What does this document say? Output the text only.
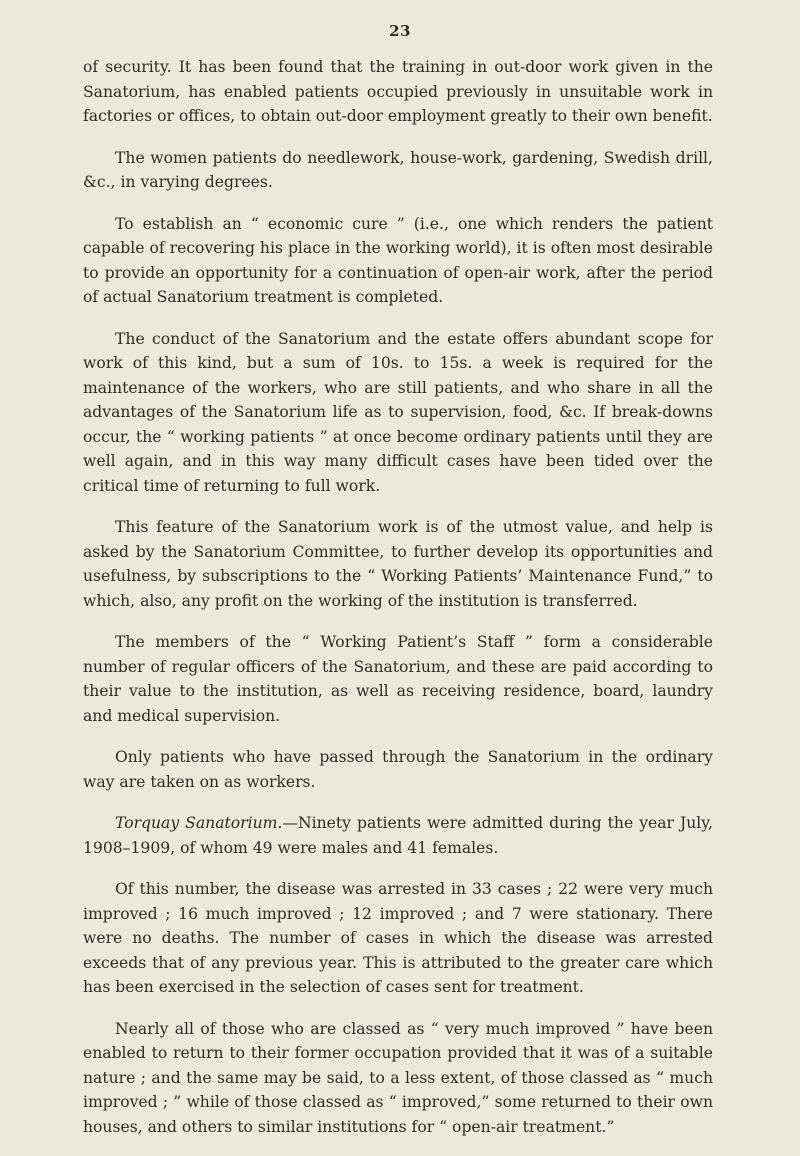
23

of security. It has been found that the training in out-door work given in the Sanatorium, has enabled patients occupied previously in unsuitable work in factories or offices, to obtain out-door employment greatly to their own benefit.

The women patients do needlework, house-work, gardening, Swedish drill, &c., in varying degrees.

To establish an “ economic cure ” (i.e., one which renders the patient capable of recovering his place in the working world), it is often most desirable to provide an opportunity for a continuation of open-air work, after the period of actual Sanatorium treatment is completed.

The conduct of the Sanatorium and the estate offers abundant scope for work of this kind, but a sum of 10s. to 15s. a week is required for the maintenance of the workers, who are still patients, and who share in all the advantages of the Sanatorium life as to supervision, food, &c. If break-downs occur, the “ working patients ” at once become ordinary patients until they are well again, and in this way many difficult cases have been tided over the critical time of returning to full work.

This feature of the Sanatorium work is of the utmost value, and help is asked by the Sanatorium Committee, to further develop its opportunities and usefulness, by subscriptions to the “ Working Patients’ Maintenance Fund,” to which, also, any profit on the working of the institution is transferred.

The members of the “ Working Patient’s Staff ” form a considerable number of regular officers of the Sanatorium, and these are paid according to their value to the institution, as well as receiving residence, board, laundry and medical supervision.

Only patients who have passed through the Sanatorium in the ordinary way are taken on as workers.

Torquay Sanatorium.—Ninety patients were admitted during the year July, 1908–1909, of whom 49 were males and 41 females.

Of this number, the disease was arrested in 33 cases ; 22 were very much improved ; 16 much improved ; 12 improved ; and 7 were stationary. There were no deaths. The number of cases in which the disease was arrested exceeds that of any previous year. This is attributed to the greater care which has been exercised in the selection of cases sent for treatment.

Nearly all of those who are classed as “ very much improved ” have been enabled to return to their former occupation provided that it was of a suitable nature ; and the same may be said, to a less extent, of those classed as “ much improved ; ” while of those classed as “ improved,” some returned to their own houses, and others to similar institutions for “ open-air treatment.”
